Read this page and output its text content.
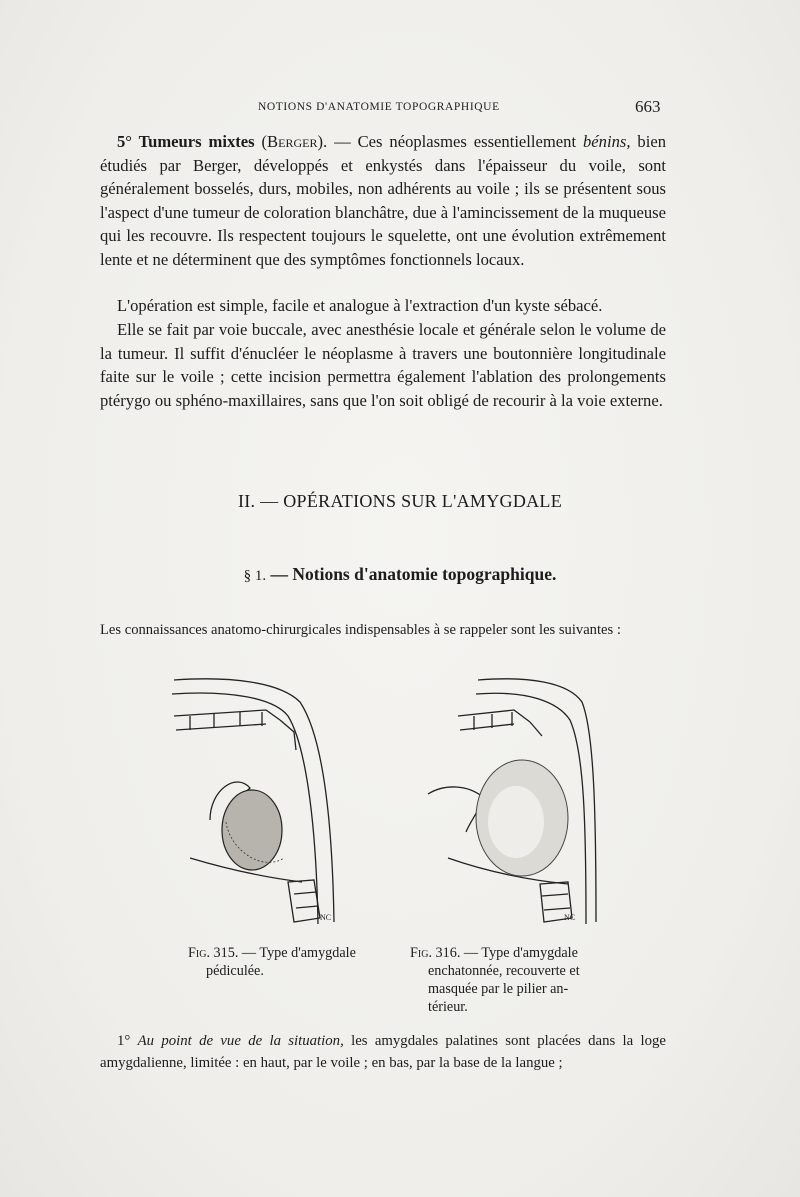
NOTIONS D'ANATOMIE TOPOGRAPHIQUE	663
5° Tumeurs mixtes (Berger). — Ces néoplasmes essentiellement bénins, bien étudiés par Berger, développés et enkystés dans l'épaisseur du voile, sont généralement bosselés, durs, mobiles, non adhérents au voile ; ils se présentent sous l'aspect d'une tumeur de coloration blanchâtre, due à l'amincissement de la muqueuse qui les recouvre. Ils respectent toujours le squelette, ont une évolution extrêmement lente et ne déterminent que des symptômes fonctionnels locaux.
L'opération est simple, facile et analogue à l'extraction d'un kyste sébacé.
Elle se fait par voie buccale, avec anesthésie locale et générale selon le volume de la tumeur. Il suffit d'énucléer le néoplasme à travers une boutonnière longitudinale faite sur le voile ; cette incision permettra également l'ablation des prolongements ptérygo ou sphéno-maxillaires, sans que l'on soit obligé de recourir à la voie externe.
II. — OPÉRATIONS SUR L'AMYGDALE
§ 1. — Notions d'anatomie topographique.
Les connaissances anatomo-chirurgicales indispensables à se rappeler sont les suivantes :
NC	NC
Fig. 315. — Type d'amygdale
pédiculée.
Fig. 316. — Type d'amygdale
enchatonnée, recouverte et
masquée par le pilier an-
térieur.
1° Au point de vue de la situation, les amygdales palatines sont placées dans la loge amygdalienne, limitée : en haut, par le voile ; en bas, par la base de la langue ;
